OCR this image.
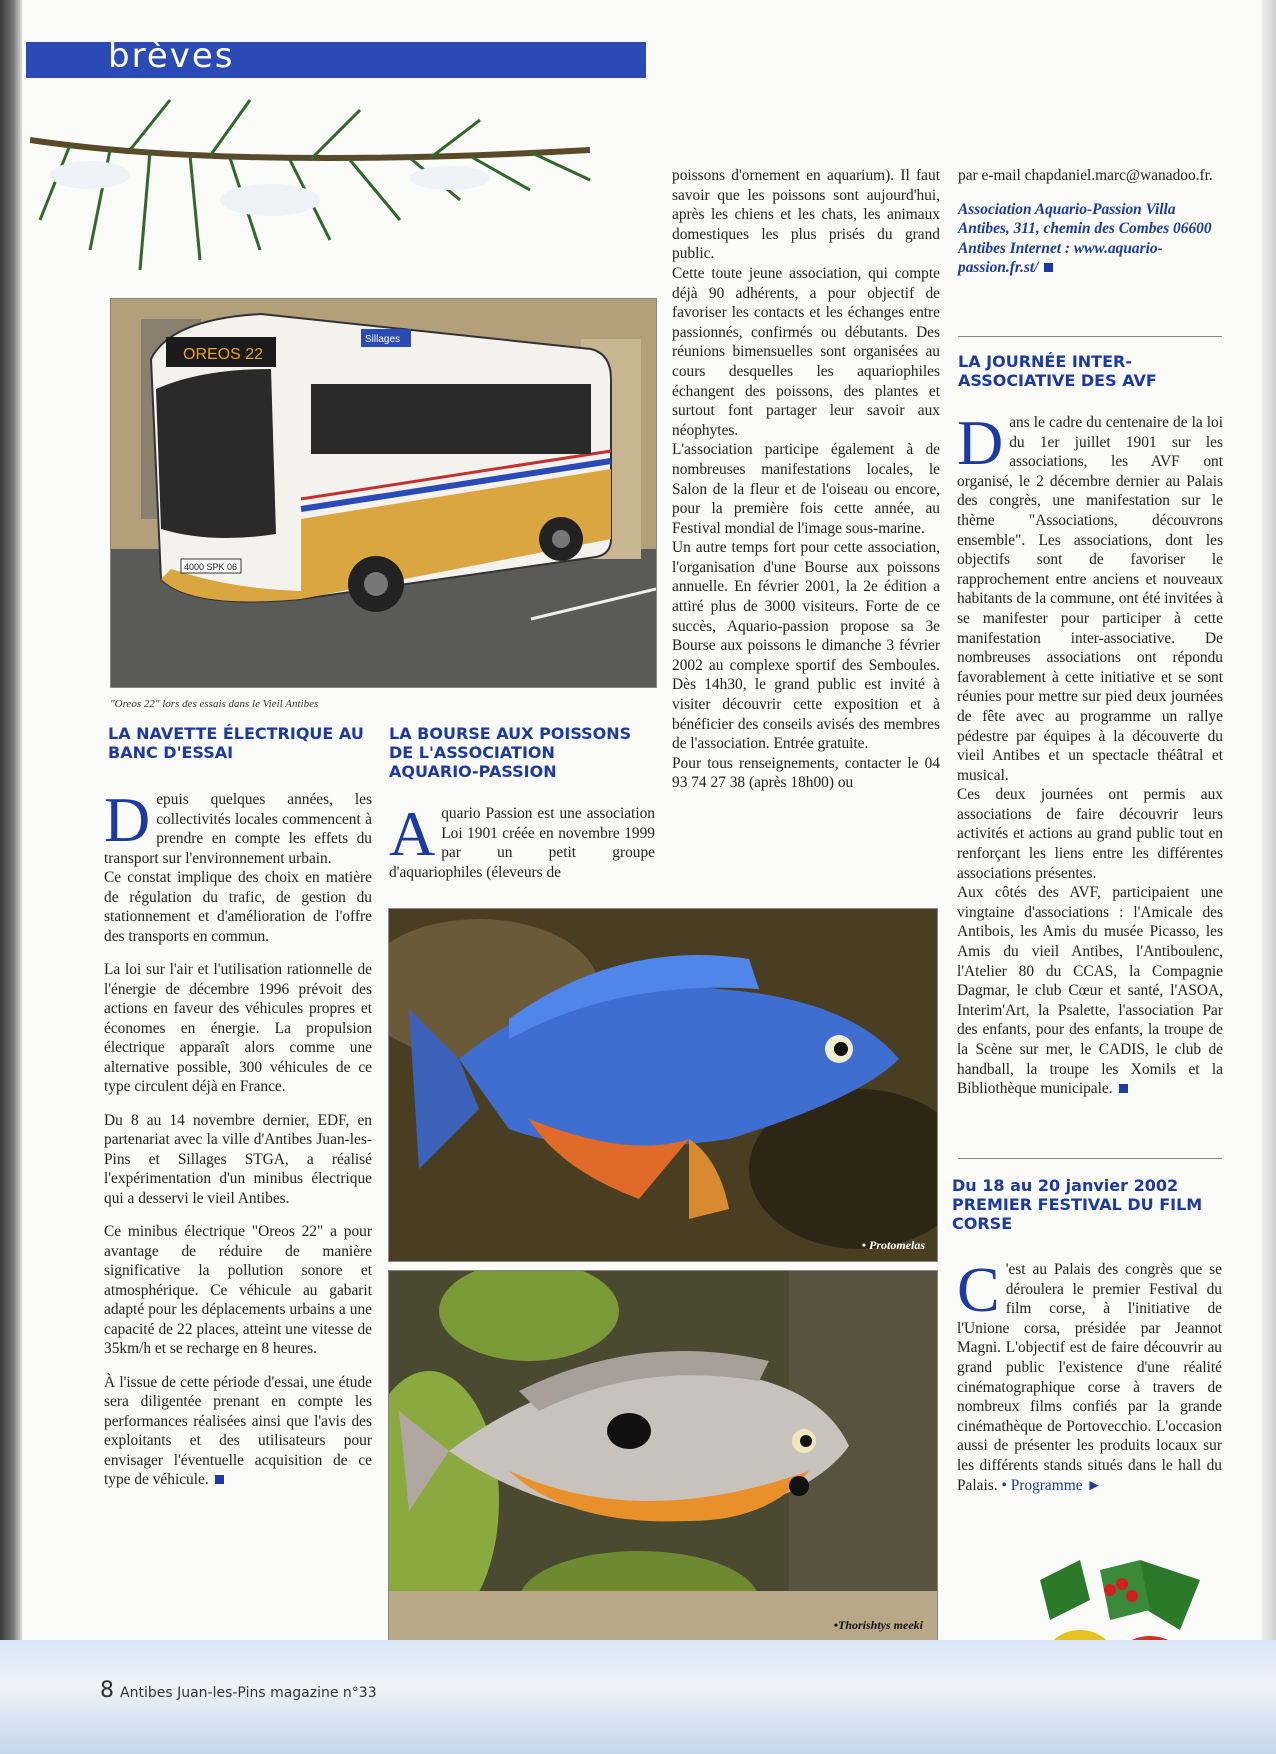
brèves
OREOS 22
Sillages
4000 SPK 06
"Oreos 22" lors des essais dans le Vieil Antibes
LA NAVETTE ÉLECTRIQUE AU BANC D'ESSAI

Depuis quelques années, les collectivités locales commencent à prendre en compte les effets du transport sur l'environnement urbain.
Ce constat implique des choix en matière de régulation du trafic, de gestion du stationnement et d'amélioration de l'offre des transports en commun.

La loi sur l'air et l'utilisation rationnelle de l'énergie de décembre 1996 prévoit des actions en faveur des véhicules propres et économes en énergie. La propulsion électrique apparaît alors comme une alternative possible, 300 véhicules de ce type circulent déjà en France.

Du 8 au 14 novembre dernier, EDF, en partenariat avec la ville d'Antibes Juan-les-Pins et Sillages STGA, a réalisé l'expérimentation d'un minibus électrique qui a desservi le vieil Antibes.

Ce minibus électrique "Oreos 22" a pour avantage de réduire de manière significative la pollution sonore et atmosphérique. Ce véhicule au gabarit adapté pour les déplacements urbains a une capacité de 22 places, atteint une vitesse de 35km/h et se recharge en 8 heures.

À l'issue de cette période d'essai, une étude sera diligentée prenant en compte les performances réalisées ainsi que l'avis des exploitants et des utilisateurs pour envisager l'éventuelle acquisition de ce type de véhicule.

LA BOURSE AUX POISSONS DE L'ASSOCIATION AQUARIO-PASSION

Aquario Passion est une association Loi 1901 créée en novembre 1999 par un petit groupe d'aquariophiles (éleveurs de

poissons d'ornement en aquarium). Il faut savoir que les poissons sont aujourd'hui, après les chiens et les chats, les animaux domestiques les plus prisés du grand public.

Cette toute jeune association, qui compte déjà 90 adhérents, a pour objectif de favoriser les contacts et les échanges entre passionnés, confirmés ou débutants. Des réunions bimensuelles sont organisées au cours desquelles les aquariophiles échangent des poissons, des plantes et surtout font partager leur savoir aux néophytes.

L'association participe également à de nombreuses manifestations locales, le Salon de la fleur et de l'oiseau ou encore, pour la première fois cette année, au Festival mondial de l'image sous-marine.

Un autre temps fort pour cette association, l'organisation d'une Bourse aux poissons annuelle. En février 2001, la 2e édition a attiré plus de 3000 visiteurs. Forte de ce succès, Aquario-passion propose sa 3e Bourse aux poissons le dimanche 3 février 2002 au complexe sportif des Semboules. Dès 14h30, le grand public est invité à visiter découvrir cette exposition et à bénéficier des conseils avisés des membres de l'association. Entrée gratuite.

Pour tous renseignements, contacter le 04 93 74 27 38 (après 18h00) ou

par e-mail chapdaniel.marc@wanadoo.fr.

Association Aquario-Passion Villa Antibes, 311, chemin des Combes 06600 Antibes Internet : www.aquario-passion.fr.st/

• Protomelas
•Thorishtys meeki
LA JOURNÉE INTER-ASSOCIATIVE DES AVF

Dans le cadre du centenaire de la loi du 1er juillet 1901 sur les associations, les AVF ont organisé, le 2 décembre dernier au Palais des congrès, une manifestation sur le thème "Associations, découvrons ensemble". Les associations, dont les objectifs sont de favoriser le rapprochement entre anciens et nouveaux habitants de la commune, ont été invitées à se manifester pour participer à cette manifestation inter-associative. De nombreuses associations ont répondu favorablement à cette initiative et se sont réunies pour mettre sur pied deux journées de fête avec au programme un rallye pédestre par équipes à la découverte du vieil Antibes et un spectacle théâtral et musical.

Ces deux journées ont permis aux associations de faire découvrir leurs activités et actions au grand public tout en renforçant les liens entre les différentes associations présentes.

Aux côtés des AVF, participaient une vingtaine d'associations : l'Amicale des Antibois, les Amis du musée Picasso, les Amis du vieil Antibes, l'Antiboulenc, l'Atelier 80 du CCAS, la Compagnie Dagmar, le club Cœur et santé, l'ASOA, Interim'Art, la Psalette, l'association Par des enfants, pour des enfants, la troupe de la Scène sur mer, le CADIS, le club de handball, la troupe les Xomils et la Bibliothèque municipale.

Du 18 au 20 janvier 2002
PREMIER FESTIVAL DU FILM CORSE

C 'est au Palais des congrès que se déroulera le premier Festival du film corse, à l'initiative de l'Unione corsa, présidée par Jeannot Magni. L'objectif est de faire découvrir au grand public l'existence d'une réalité cinématographique corse à travers de nombreux films confiés par la grande cinémathèque de Portovecchio. L'occasion aussi de présenter les produits locaux sur les différents stands situés dans le hall du Palais. • Programme ►

8 Antibes Juan-les-Pins magazine n°33
